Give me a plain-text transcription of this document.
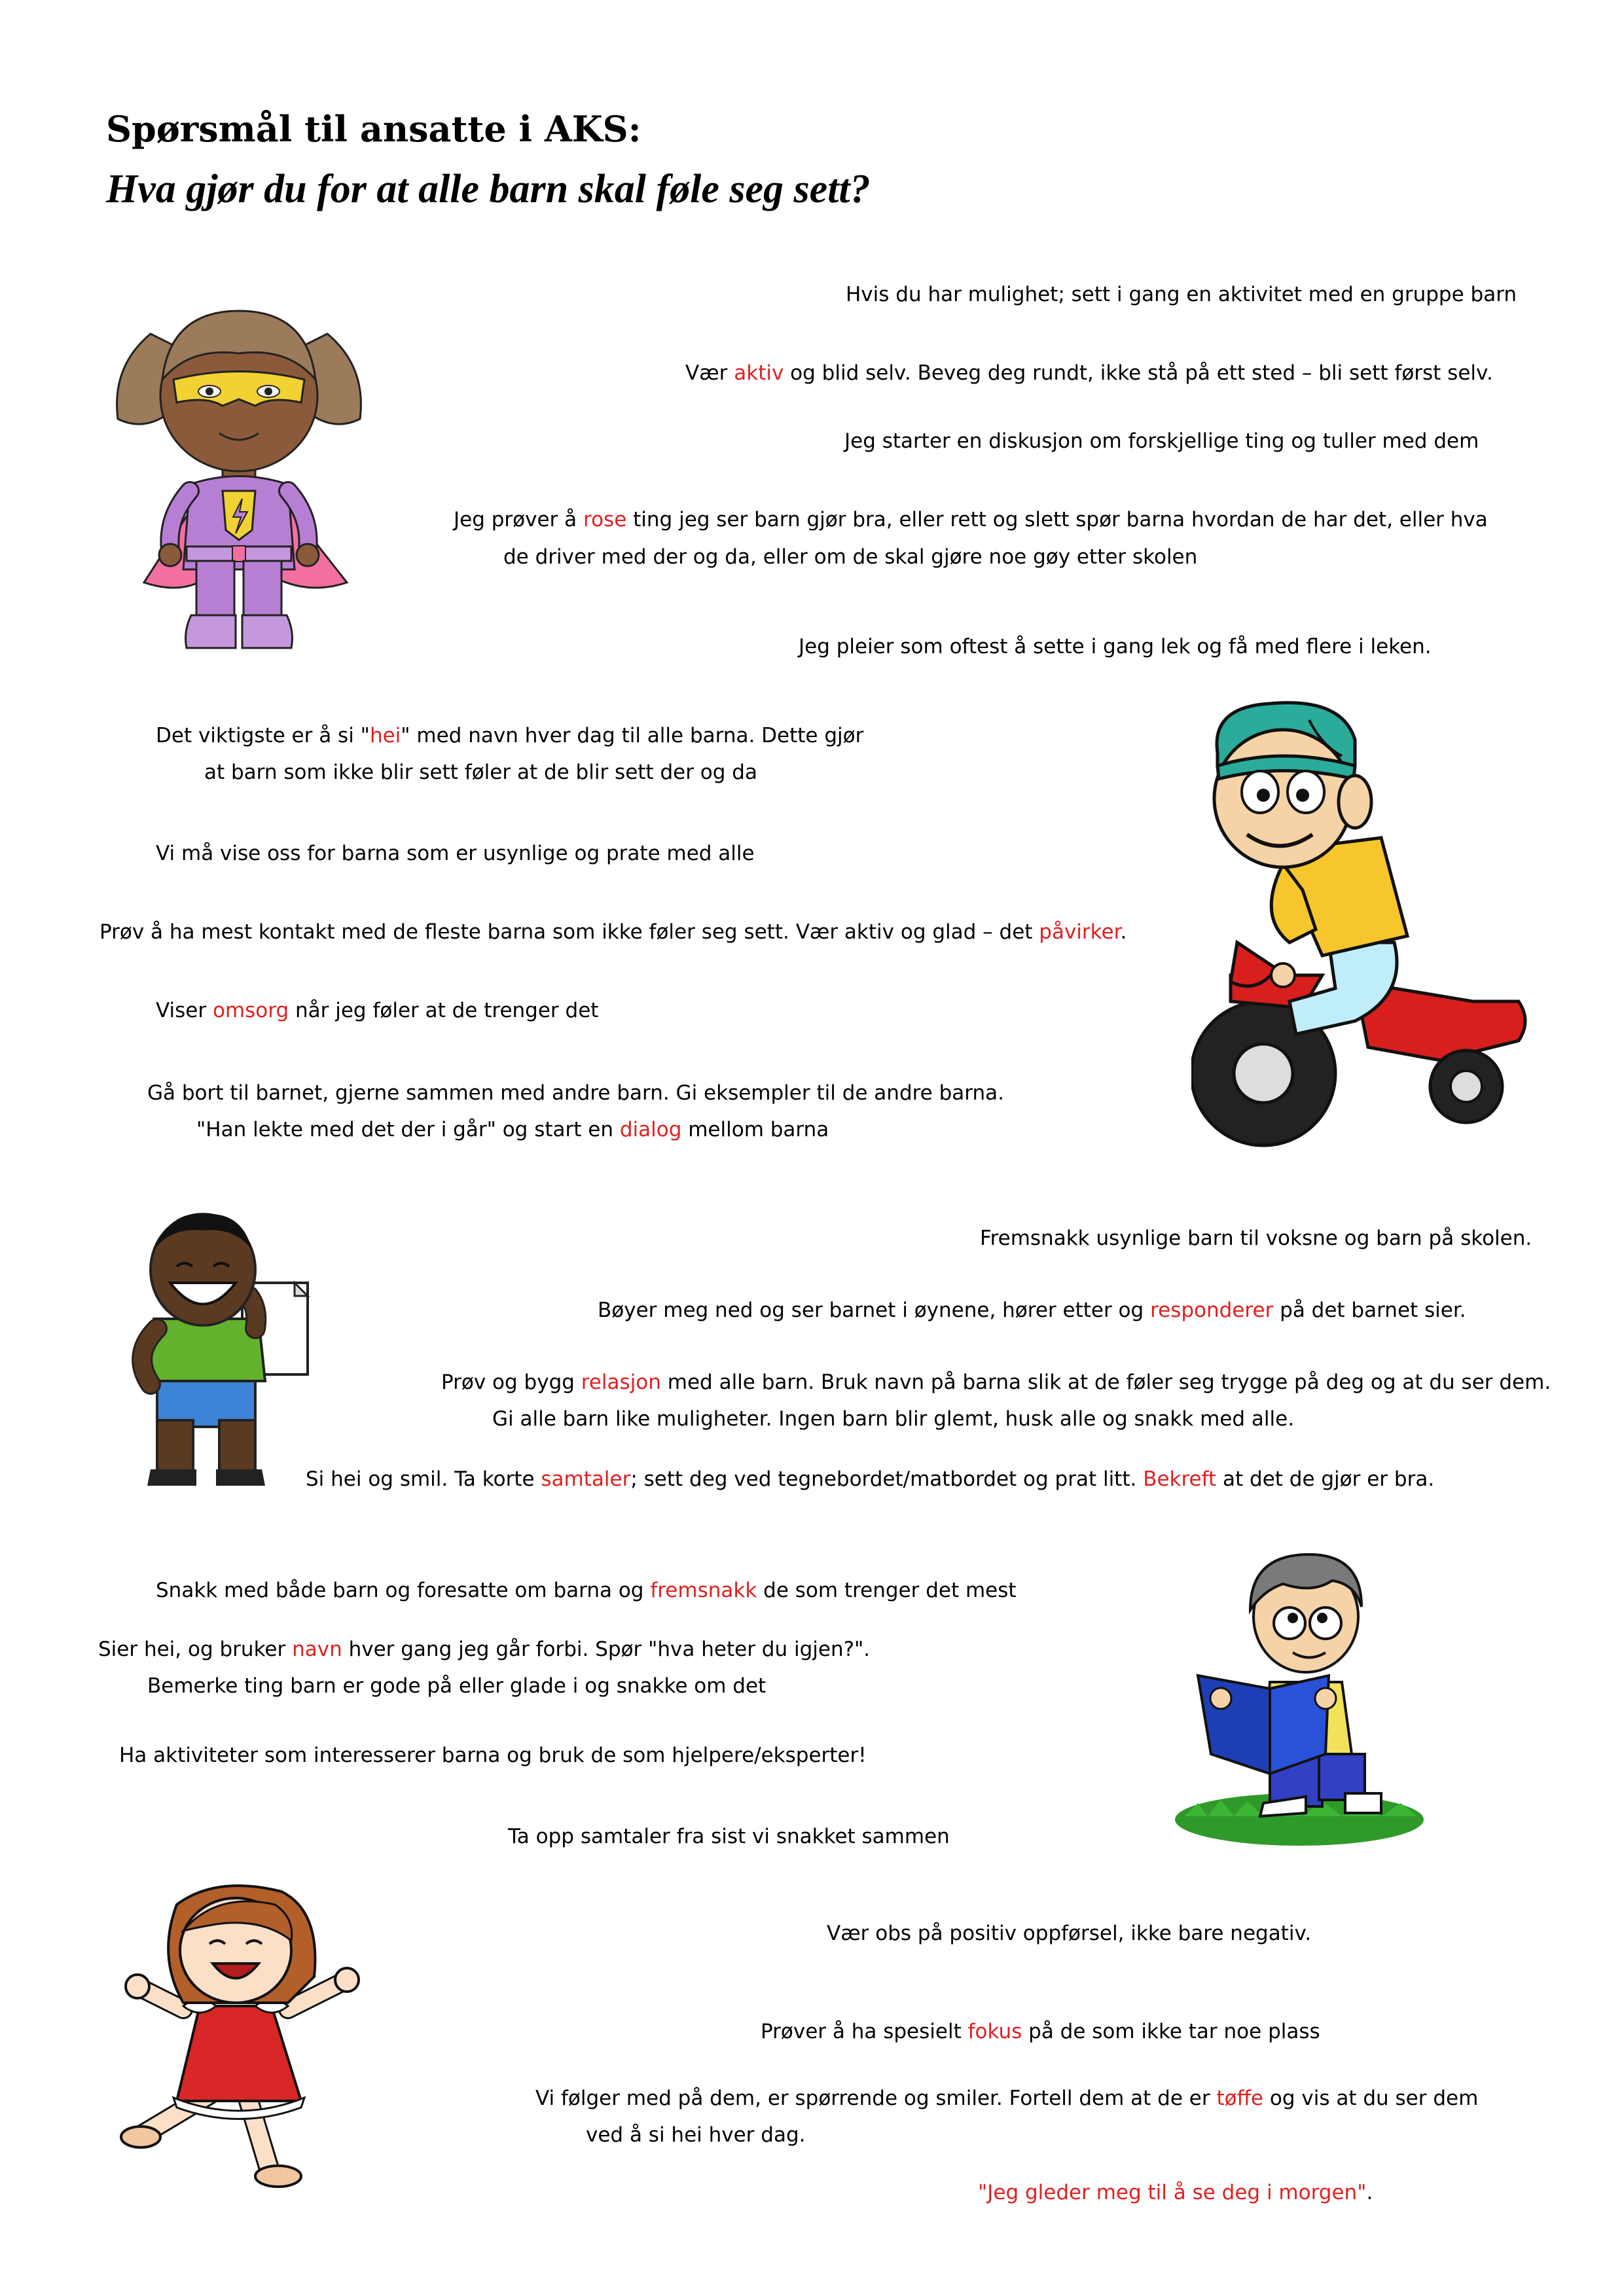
Spørsmål til ansatte i AKS:
Hva gjør du for at alle barn skal føle seg sett?

Hvis du har mulighet; sett i gang en aktivitet med en gruppe barn

Vær aktiv og blid selv. Beveg deg rundt, ikke stå på ett sted – bli sett først selv.

Jeg starter en diskusjon om forskjellige ting og tuller med dem

Jeg prøver å rose ting jeg ser barn gjør bra, eller rett og slett spør barna hvordan de har det, eller hva

de driver med der og da, eller om de skal gjøre noe gøy etter skolen

Jeg pleier som oftest å sette i gang lek og få med flere i leken.

Det viktigste er å si "hei" med navn hver dag til alle barna. Dette gjør

at barn som ikke blir sett føler at de blir sett der og da

Vi må vise oss for barna som er usynlige og prate med alle

Prøv å ha mest kontakt med de fleste barna som ikke føler seg sett. Vær aktiv og glad – det påvirker.

Viser omsorg når jeg føler at de trenger det

Gå bort til barnet, gjerne sammen med andre barn. Gi eksempler til de andre barna.

"Han lekte med det der i går" og start en dialog mellom barna

Fremsnakk usynlige barn til voksne og barn på skolen.

Bøyer meg ned og ser barnet i øynene, hører etter og responderer på det barnet sier.

Prøv og bygg relasjon med alle barn. Bruk navn på barna slik at de føler seg trygge på deg og at du ser dem.

Gi alle barn like muligheter. Ingen barn blir glemt, husk alle og snakk med alle.

Si hei og smil. Ta korte samtaler; sett deg ved tegnebordet/matbordet og prat litt. Bekreft at det de gjør er bra.

Snakk med både barn og foresatte om barna og fremsnakk de som trenger det mest

Sier hei, og bruker navn hver gang jeg går forbi. Spør "hva heter du igjen?".

Bemerke ting barn er gode på eller glade i og snakke om det

Ha aktiviteter som interesserer barna og bruk de som hjelpere/eksperter!

Ta opp samtaler fra sist vi snakket sammen

Vær obs på positiv oppførsel, ikke bare negativ.

Prøver å ha spesielt fokus på de som ikke tar noe plass

Vi følger med på dem, er spørrende og smiler. Fortell dem at de er tøffe og vis at du ser dem

ved å si hei hver dag.

"Jeg gleder meg til å se deg i morgen".
